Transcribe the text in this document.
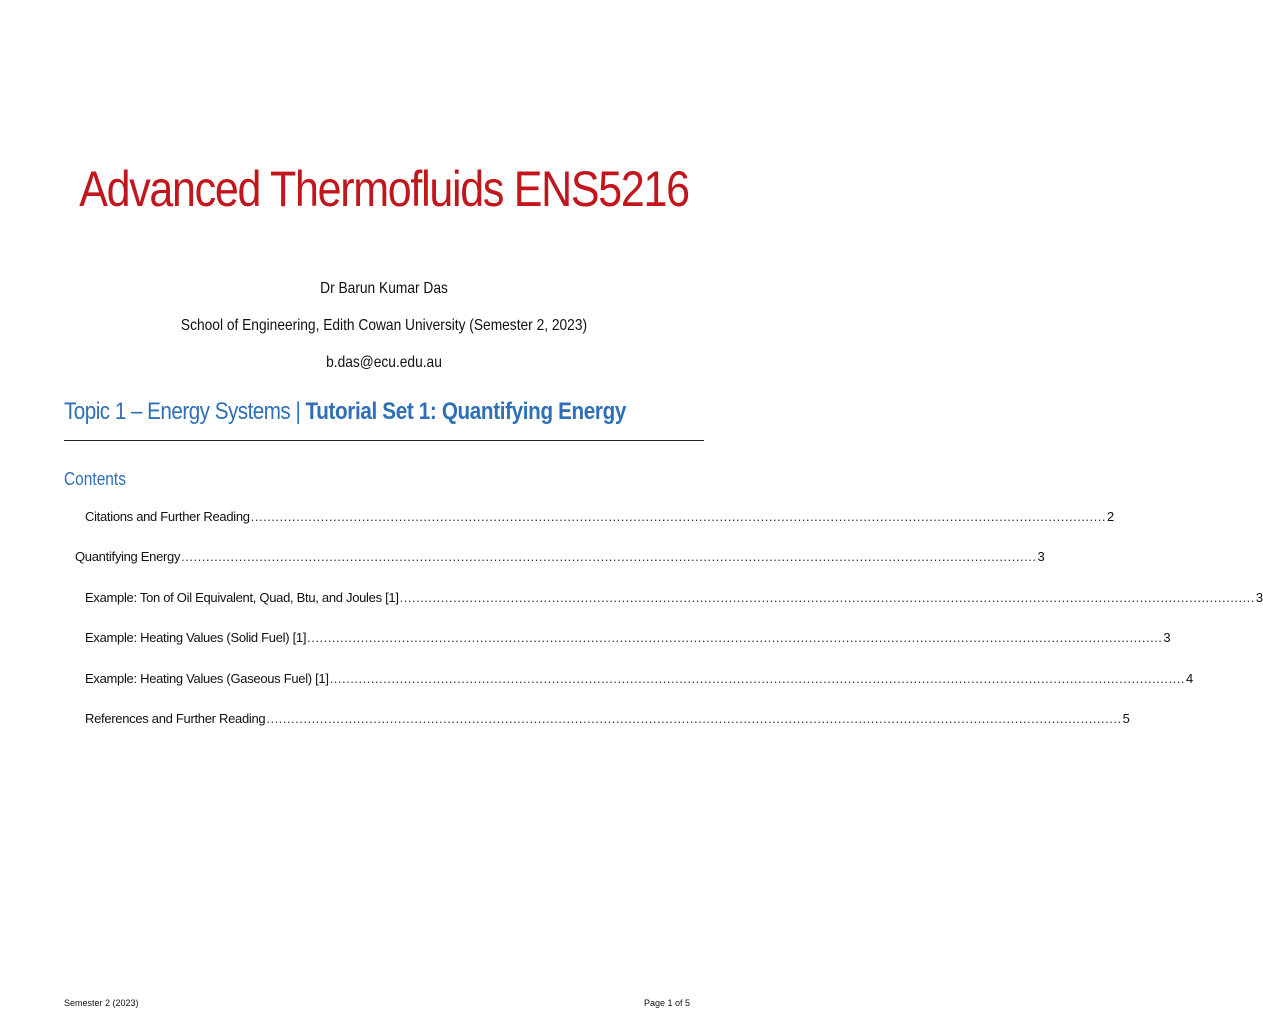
Advanced Thermofluids ENS5216
Dr Barun Kumar Das
School of Engineering, Edith Cowan University (Semester 2, 2023)
b.das@ecu.edu.au
Topic 1 – Energy Systems | Tutorial Set 1: Quantifying Energy
Contents
Citations and Further Reading ................................................................................................................................................................................................................ 2
Quantifying Energy ................................................................................................................................................................................................................ 3
Example: Ton of Oil Equivalent, Quad, Btu, and Joules [1] ................................................................................................................................................................................................................ 3
Example: Heating Values (Solid Fuel) [1] ................................................................................................................................................................................................................ 3
Example: Heating Values (Gaseous Fuel) [1] ................................................................................................................................................................................................................ 4
References and Further Reading ................................................................................................................................................................................................................ 5
Semester 2 (2023)	Page 1 of 5
